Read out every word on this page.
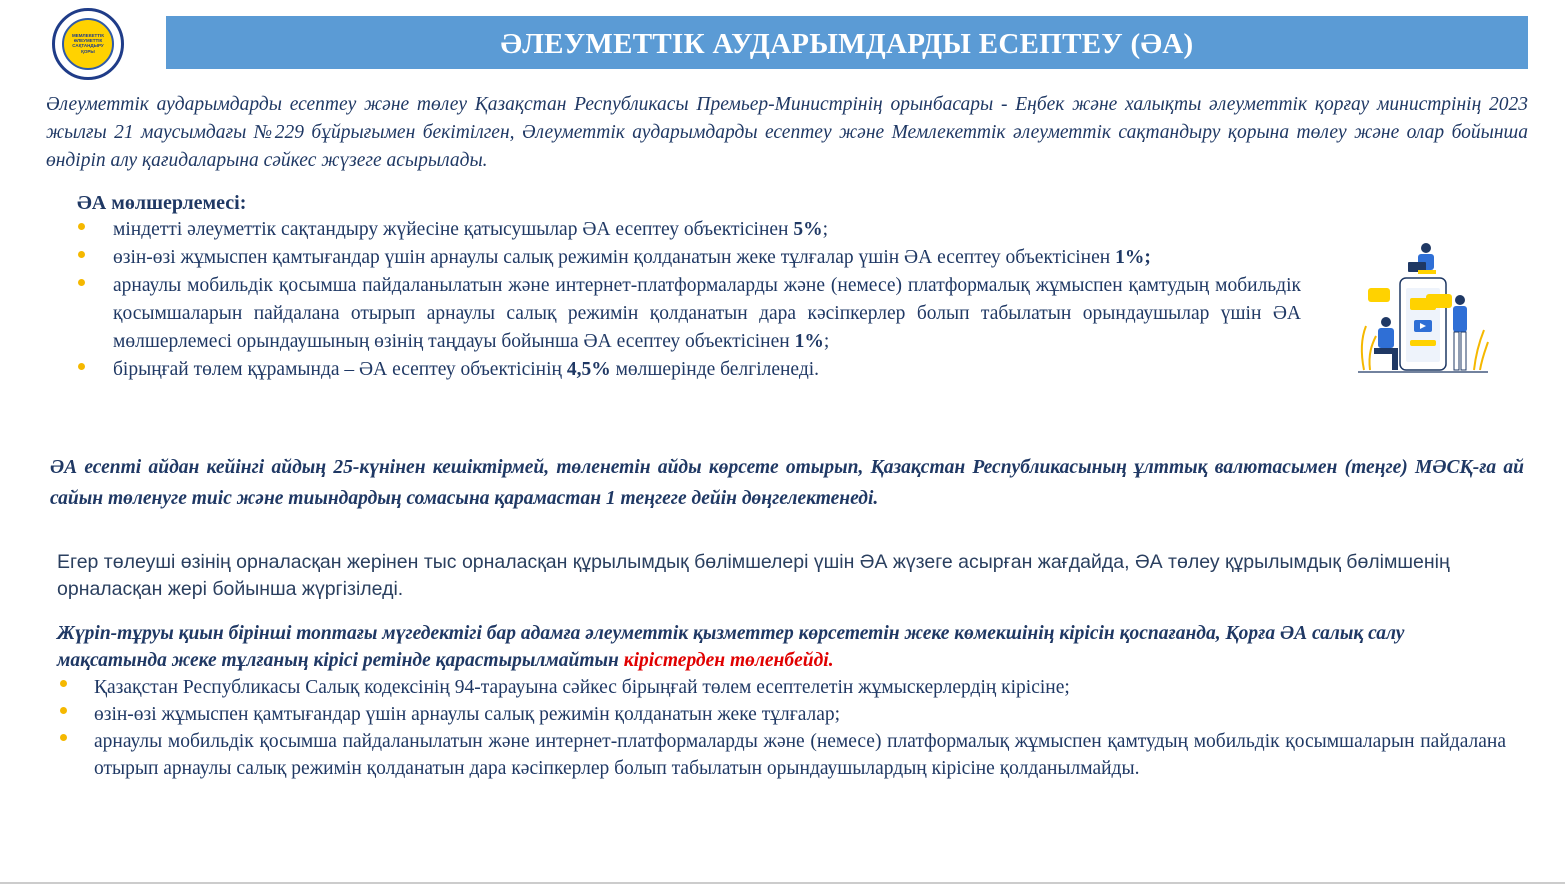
МЕМЛЕКЕТТІК
ӘЛЕУМЕТТІК
САҚТАНДЫРУ
ҚОРЫ	ӘЛЕУМЕТТІК АУДАРЫМДАРДЫ ЕСЕПТЕУ (ӘА)

Әлеуметтік аударымдарды есептеу және төлеу Қазақстан Республикасы Премьер-Министрінің орынбасары - Еңбек және халықты әлеуметтік қорғау министрінің 2023 жылғы 21 маусымдағы №229 бұйрығымен бекітілген, Әлеуметтік аударымдарды есептеу және Мемлекеттік әлеуметтік сақтандыру қорына төлеу және олар бойынша өндіріп алу қағидаларына сәйкес жүзеге асырылады.

ӘА мөлшерлемесі:

міндетті әлеуметтік сақтандыру жүйесіне қатысушылар ӘА есептеу объектісінен 5%;
өзін-өзі жұмыспен қамтығандар үшін арнаулы салық режимін қолданатын жеке тұлғалар үшін ӘА есептеу объектісінен 1%;
арнаулы мобильдік қосымша пайдаланылатын және интернет-платформаларды және (немесе) платформалық жұмыспен қамтудың мобильдік қосымшаларын пайдалана отырып арнаулы салық режимін қолданатын дара кәсіпкерлер болып табылатын орындаушылар үшін ӘА мөлшерлемесі орындаушының өзінің таңдауы бойынша ӘА есептеу объектісінен 1%;
бірыңғай төлем құрамында – ӘА есептеу объектісінің 4,5% мөлшерінде белгіленеді.

ӘА есепті айдан кейінгі айдың 25-күнінен кешіктірмей, төленетін айды көрсете отырып, Қазақстан Республикасының ұлттық валютасымен (теңге) МӘСҚ-ға ай сайын төленуге тиіс және тиындардың сомасына қарамастан 1 теңгеге дейін дөңгелектенеді.

Егер төлеуші өзінің орналасқан жерінен тыс орналасқан құрылымдық бөлімшелері үшін ӘА жүзеге асырған жағдайда, ӘА төлеу құрылымдық бөлімшенің орналасқан жері бойынша жүргізіледі.

Жүріп-тұруы қиын бірінші топтағы мүгедектігі бар адамға әлеуметтік қызметтер көрсететін жеке көмекшінің кірісін қоспағанда, Қорға ӘА салық салу мақсатында жеке тұлғаның кірісі ретінде қарастырылмайтын кірістерден төленбейді.

Қазақстан Республикасы Салық кодексінің 94-тарауына сәйкес бірыңғай төлем есептелетін жұмыскерлердің кірісіне;
өзін-өзі жұмыспен қамтығандар үшін арнаулы салық режимін қолданатын жеке тұлғалар;
арнаулы мобильдік қосымша пайдаланылатын және интернет-платформаларды және (немесе) платформалық жұмыспен қамтудың мобильдік қосымшаларын пайдалана отырып арнаулы салық режимін қолданатын дара кәсіпкерлер болып табылатын орындаушылардың кірісіне қолданылмайды.
